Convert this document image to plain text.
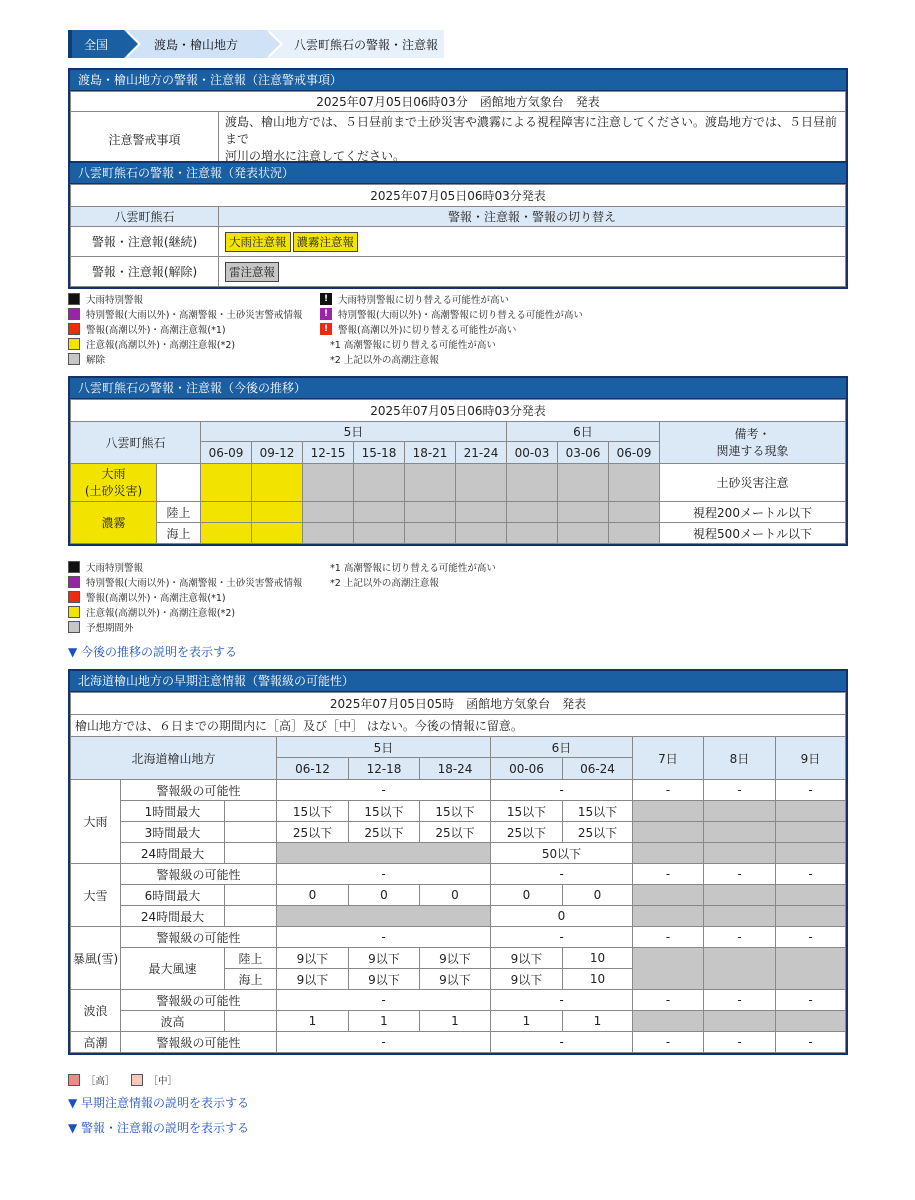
全国	渡島・檜山地方	八雲町熊石の警報・注意報
渡島・檜山地方の警報・注意報（注意警戒事項）
2025年07月05日06時03分　函館地方気象台　発表
注意警戒事項	
渡島、檜山地方では、５日昼前まで土砂災害や濃霧による視程障害に注意してください。渡島地方では、５日昼前まで
河川の増水に注意してください。
八雲町熊石の警報・注意報（発表状況）
2025年07月05日06時03分発表	
八雲町熊石	警報・注意報・警報の切り替え
警報・注意報(継続)	大雨注意報 濃霧注意報
警報・注意報(解除)	雷注意報
大雨特別警報
特別警報(大雨以外)・高潮警報・土砂災害警戒情報
警報(高潮以外)・高潮注意報(*1)
注意報(高潮以外)・高潮注意報(*2)
解除
!	大雨特別警報に切り替える可能性が高い
!	特別警報(大雨以外)・高潮警報に切り替える可能性が高い
!	警報(高潮以外)に切り替える可能性が高い
*1 高潮警報に切り替える可能性が高い
*2 上記以外の高潮注意報
八雲町熊石の警報・注意報（今後の推移）
2025年07月05日06時03分発表											
八雲町熊石		5日						6日			備考・
関連する現象

		06-09	09-12	12-15	15-18	18-21	21-24	00-03	03-06	06-09	

大雨
(土砂災害)											土砂災害注意
濃霧	陸上										視程200メートル以下
	海上										視程500メートル以下
大雨特別警報
特別警報(大雨以外)・高潮警報・土砂災害警戒情報
警報(高潮以外)・高潮注意報(*1)
注意報(高潮以外)・高潮注意報(*2)
予想期間外
*1 高潮警報に切り替える可能性が高い
*2 上記以外の高潮注意報
▼ 今後の推移の説明を表示する
北海道檜山地方の早期注意情報（警報級の可能性）
2025年07月05日05時　函館地方気象台　発表										
檜山地方では、６日までの期間内に［高］及び［中］ はない。今後の情報に留意。										
北海道檜山地方			5日			6日		7日	8日	9日
			06-12	12-18	18-24	00-06	06-24			
大雨	警報級の可能性		-			-		-	-	-
	1時間最大		15以下	15以下	15以下	15以下	15以下			
	3時間最大		25以下	25以下	25以下	25以下	25以下			
	24時間最大					50以下				
大雪	警報級の可能性		-			-		-	-	-
	6時間最大		0	0	0	0	0			
	24時間最大					0				
暴風(雪)	警報級の可能性		-			-		-	-	-
	最大風速	陸上	9以下	9以下	9以下	9以下	10			
		海上	9以下	9以下	9以下	9以下	10			
波浪	警報級の可能性		-			-		-	-	-
	波高		1	1	1	1	1			
高潮	警報級の可能性		-			-		-	-	-
［高］	［中］
▼ 早期注意情報の説明を表示する
▼ 警報・注意報の説明を表示する
